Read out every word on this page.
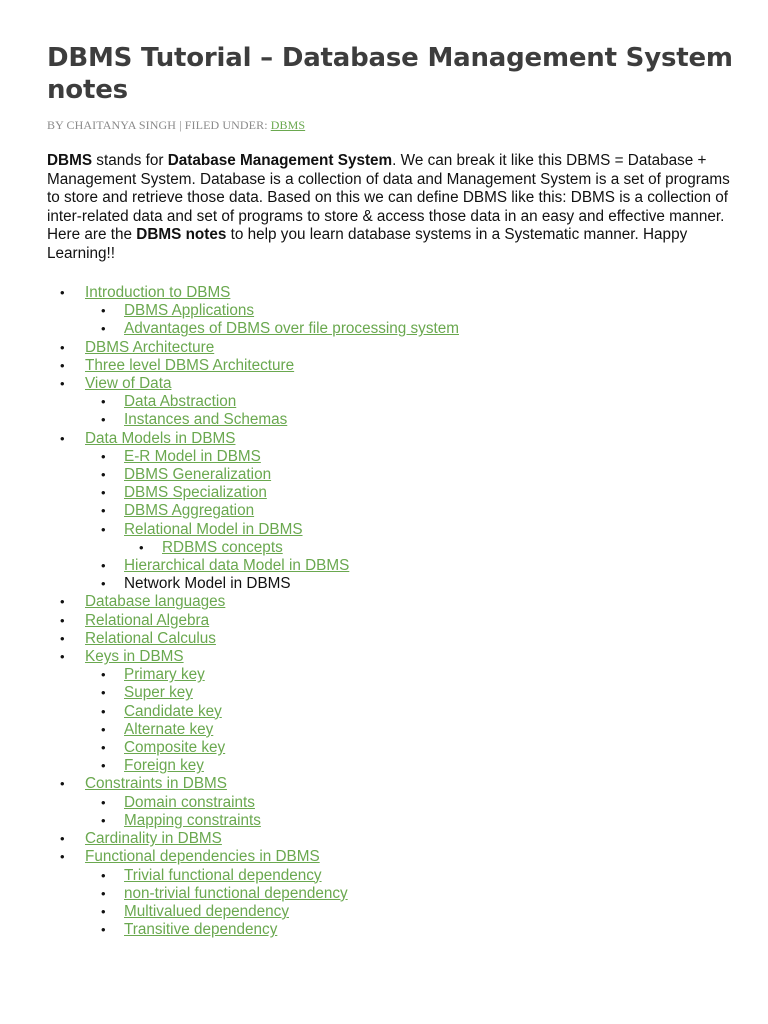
DBMS Tutorial – Database Management System notes
BY CHAITANYA SINGH | FILED UNDER: DBMS

DBMS stands for Database Management System. We can break it like this DBMS = Database + Management System. Database is a collection of data and Management System is a set of programs to store and retrieve those data. Based on this we can define DBMS like this: DBMS is a collection of inter-related data and set of programs to store & access those data in an easy and effective manner. Here are the DBMS notes to help you learn database systems in a Systematic manner. Happy Learning!!

• Introduction to DBMS
• DBMS Applications
• Advantages of DBMS over file processing system
• DBMS Architecture
• Three level DBMS Architecture
• View of Data
• Data Abstraction
• Instances and Schemas
• Data Models in DBMS
• E-R Model in DBMS
• DBMS Generalization
• DBMS Specialization
• DBMS Aggregation
• Relational Model in DBMS
• RDBMS concepts
• Hierarchical data Model in DBMS
• Network Model in DBMS
• Database languages
• Relational Algebra
• Relational Calculus
• Keys in DBMS
• Primary key
• Super key
• Candidate key
• Alternate key
• Composite key
• Foreign key
• Constraints in DBMS
• Domain constraints
• Mapping constraints
• Cardinality in DBMS
• Functional dependencies in DBMS
• Trivial functional dependency
• non-trivial functional dependency
• Multivalued dependency
• Transitive dependency
